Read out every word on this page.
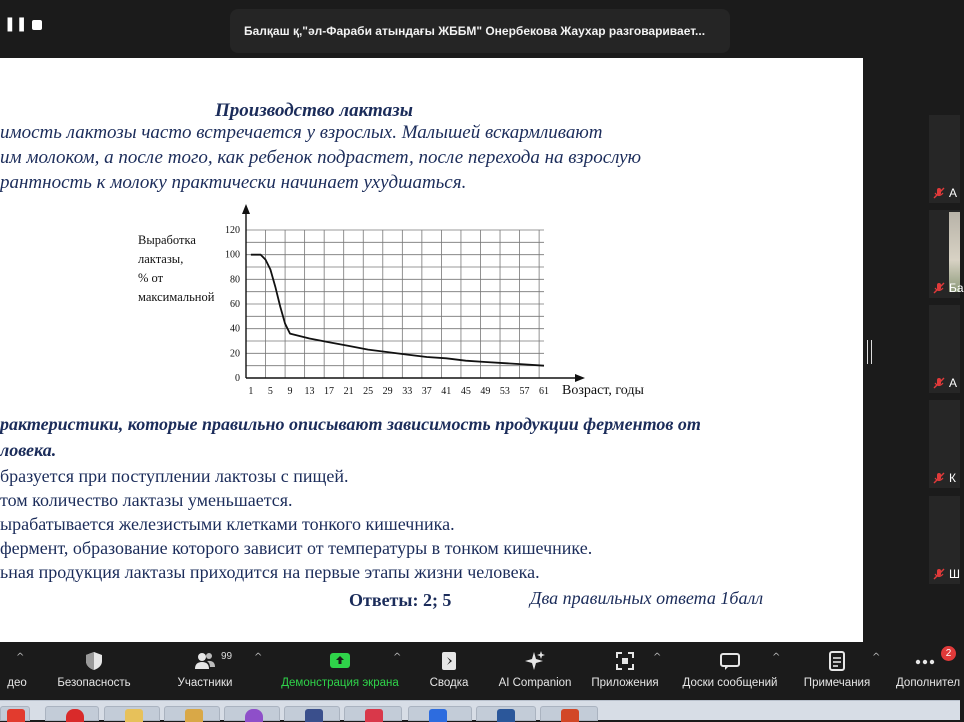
❚❚	Балқаш қ,"әл-Фараби атындағы ЖББМ" Онербекова Жаухар разговаривает...
Производство лактазы
имость лактозы часто встречается у взрослых. Малышей вскармливают
им молоком, а после того, как ребенок подрастет, после перехода на взрослую
рантность к молоку практически начинает ухудшаться.
0
20
40
60
80
100
120
1 5 9 13 17 21 25 29 33 37 41 45 49 53 57 61
Выработка
лактазы,
% от
максимальной
Возраст, годы
рактеристики, которые правильно описывают зависимость продукции ферментов от
ловека.
бразуется при поступлении лактозы с пищей.
том количество лактазы уменьшается.
ырабатывается железистыми клетками тонкого кишечника.
фермент, образование которого зависит от температуры в тонком кишечнике.
ьная продукция лактазы приходится на первые этапы жизни человека.
Ответы: 2; 5	Два правильных ответа 1балл
А
Ба
А
К
Ш
део
^
Безопасность	Участники
99 ^
Демонстрация экрана
^
Сводка	AI Companion	Приложения
^
Доски сообщений
^
Примечания
^
Дополнител
2
